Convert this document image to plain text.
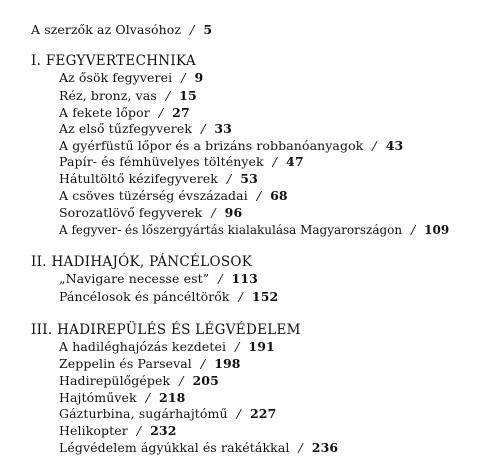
A szerzők az Olvasóhoz / 5
I. FEGYVERTECHNIKA
Az ősök fegyverei / 9
Réz, bronz, vas / 15
A fekete lőpor / 27
Az első tűzfegyverek / 33
A gyérfüstű lőpor és a brizáns robbanóanyagok / 43
Papír- és fémhüvelyes töltények / 47
Hátultöltő kézifegyverek / 53
A csöves tüzérség évszázadai / 68
Sorozatlövő fegyverek / 96
A fegyver- és lőszergyártás kialakulása Magyarországon / 109
II. HADIHAJÓK, PÁNCÉLOSOK
„Navigare necesse est” / 113
Páncélosok és páncéltörők / 152
III. HADIREPÜLÉS ÉS LÉGVÉDELEM
A hadiléghajózás kezdetei / 191
Zeppelin és Parseval / 198
Hadirepülőgépek / 205
Hajtóművek / 218
Gázturbina, sugárhajtómű / 227
Helikopter / 232
Légvédelem ágyúkkal és rakétákkal / 236
